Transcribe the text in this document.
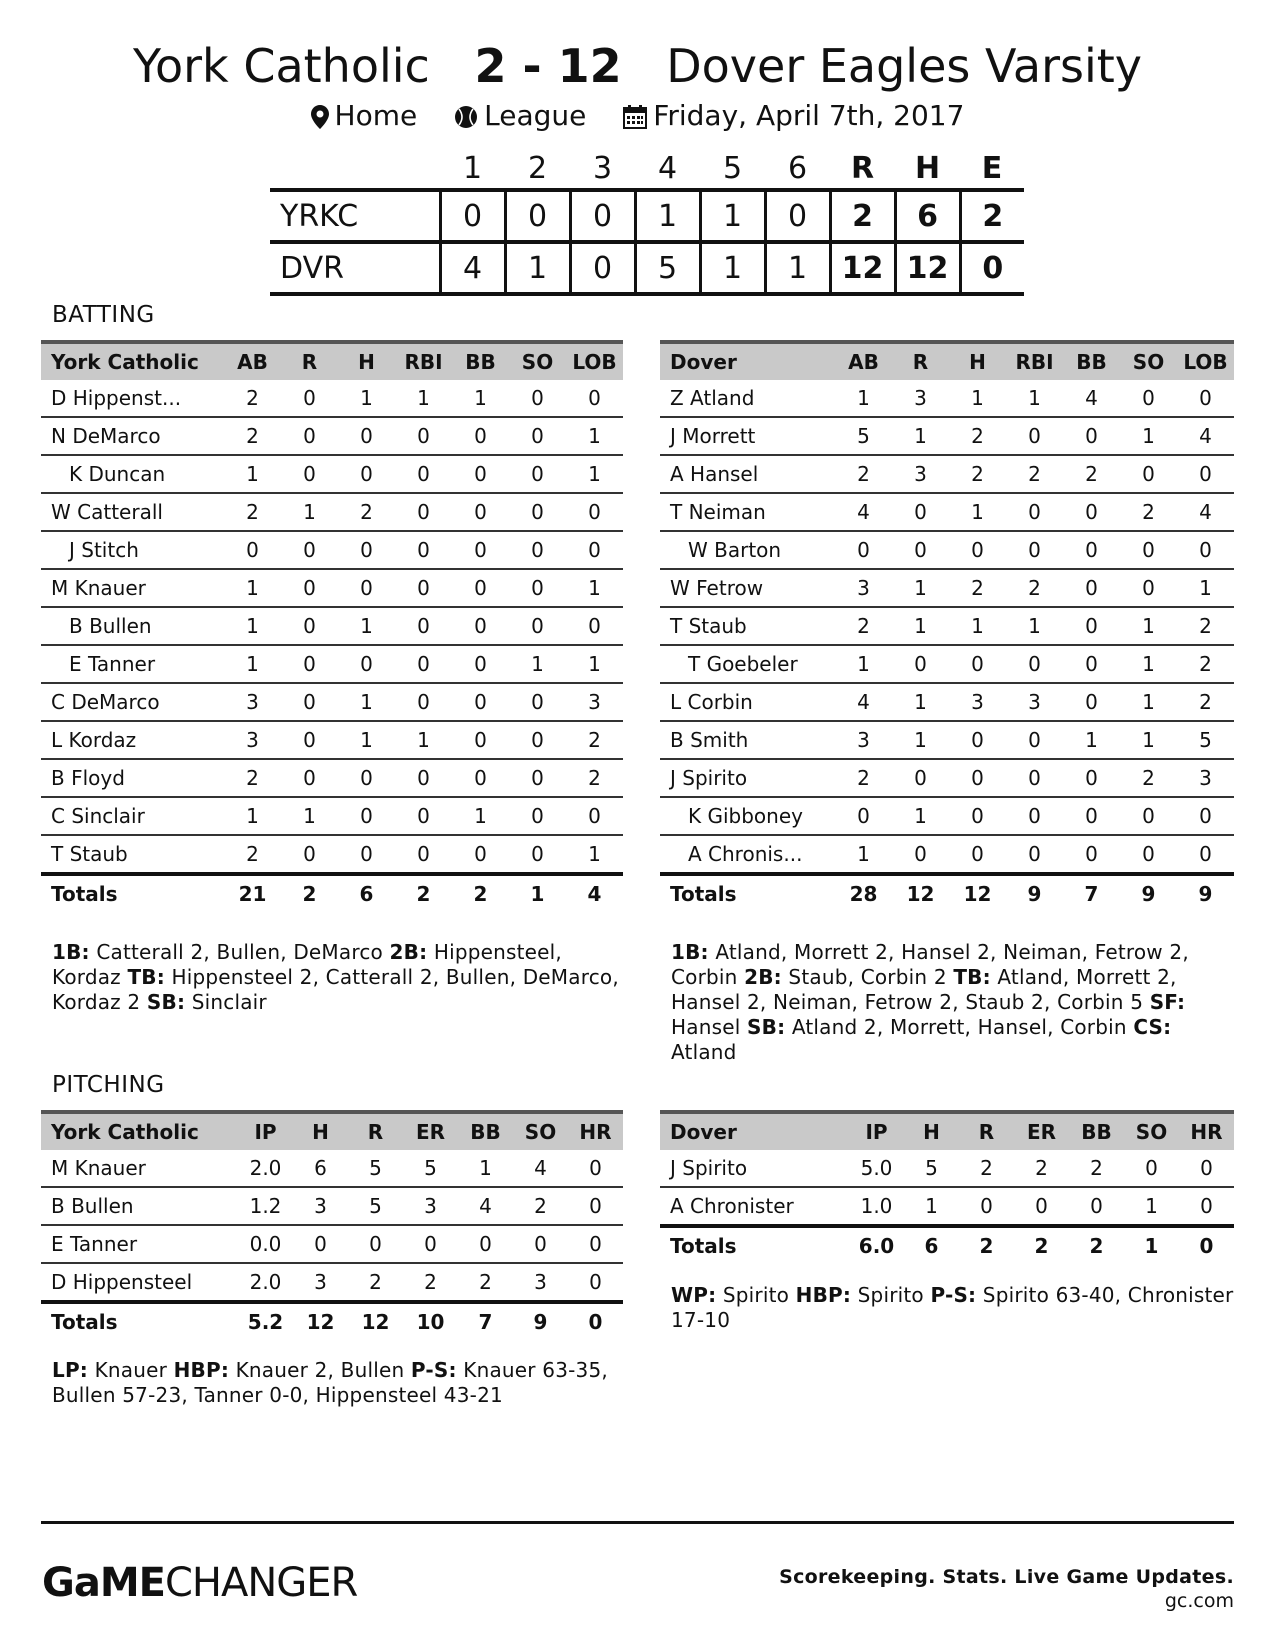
York Catholic 2 - 12 Dover Eagles Varsity
Home League Friday, April 7th, 2017
	1	2	3	4	5	6	R	H	E
YRKC	0	0	0	1	1	0	2	6	2
DVR	4	1	0	5	1	1	12	12	0
BATTING
York Catholic	AB	R	H	RBI	BB	SO	LOB
D Hippenst...	2	0	1	1	1	0	0
N DeMarco	2	0	0	0	0	0	1
K Duncan	1	0	0	0	0	0	1
W Catterall	2	1	2	0	0	0	0
J Stitch	0	0	0	0	0	0	0
M Knauer	1	0	0	0	0	0	1
B Bullen	1	0	1	0	0	0	0
E Tanner	1	0	0	0	0	1	1
C DeMarco	3	0	1	0	0	0	3
L Kordaz	3	0	1	1	0	0	2
B Floyd	2	0	0	0	0	0	2
C Sinclair	1	1	0	0	1	0	0
T Staub	2	0	0	0	0	0	1
Totals	21	2	6	2	2	1	4
Dover	AB	R	H	RBI	BB	SO	LOB
Z Atland	1	3	1	1	4	0	0
J Morrett	5	1	2	0	0	1	4
A Hansel	2	3	2	2	2	0	0
T Neiman	4	0	1	0	0	2	4
W Barton	0	0	0	0	0	0	0
W Fetrow	3	1	2	2	0	0	1
T Staub	2	1	1	1	0	1	2
T Goebeler	1	0	0	0	0	1	2
L Corbin	4	1	3	3	0	1	2
B Smith	3	1	0	0	1	1	5
J Spirito	2	0	0	0	0	2	3
K Gibboney	0	1	0	0	0	0	0
A Chronis...	1	0	0	0	0	0	0
Totals	28	12	12	9	7	9	9
1B: Catterall 2, Bullen, DeMarco 2B: Hippensteel, Kordaz TB: Hippensteel 2, Catterall 2, Bullen, DeMarco, Kordaz 2 SB: Sinclair
1B: Atland, Morrett 2, Hansel 2, Neiman, Fetrow 2, Corbin 2B: Staub, Corbin 2 TB: Atland, Morrett 2, Hansel 2, Neiman, Fetrow 2, Staub 2, Corbin 5 SF: Hansel SB: Atland 2, Morrett, Hansel, Corbin CS: Atland
PITCHING
York Catholic	IP	H	R	ER	BB	SO	HR
M Knauer	2.0	6	5	5	1	4	0
B Bullen	1.2	3	5	3	4	2	0
E Tanner	0.0	0	0	0	0	0	0
D Hippensteel	2.0	3	2	2	2	3	0
Totals	5.2	12	12	10	7	9	0
Dover	IP	H	R	ER	BB	SO	HR
J Spirito	5.0	5	2	2	2	0	0
A Chronister	1.0	1	0	0	0	1	0
Totals	6.0	6	2	2	2	1	0
LP: Knauer HBP: Knauer 2, Bullen P-S: Knauer 63-35, Bullen 57-23, Tanner 0-0, Hippensteel 43-21
WP: Spirito HBP: Spirito P-S: Spirito 63-40, Chronister 17-10
GaMECHANGER	Scorekeeping. Stats. Live Game Updates.
gc.com
